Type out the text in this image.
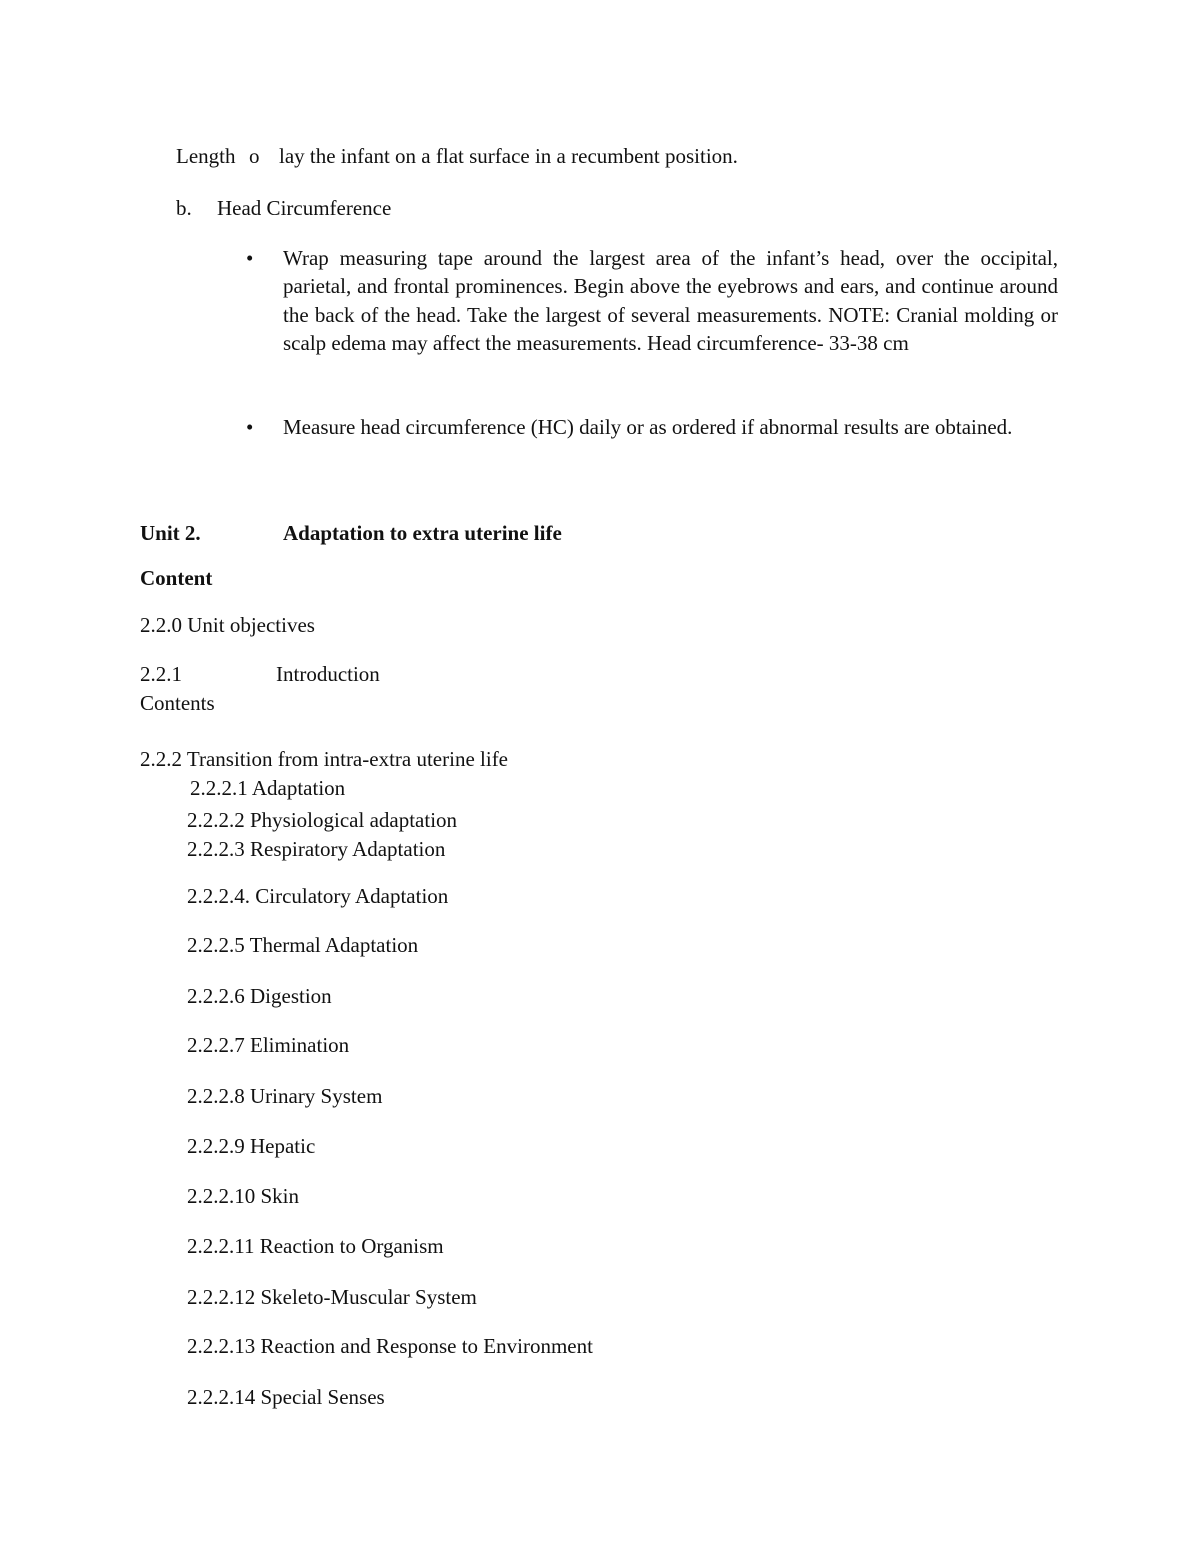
Length o lay the infant on a flat surface in a recumbent position.
b. Head Circumference
• Wrap measuring tape around the largest area of the infant’s head, over the occipital, parietal, and frontal prominences. Begin above the eyebrows and ears, and continue around the back of the head. Take the largest of several measurements. NOTE: Cranial molding or scalp edema may affect the measurements. Head circumference- 33-38 cm
• Measure head circumference (HC) daily or as ordered if abnormal results are obtained.
Unit 2.	Adaptation to extra uterine life
Content
2.2.0 Unit objectives
2.2.1	Introduction
Contents
2.2.2 Transition from intra-extra uterine life
2.2.2.1 Adaptation
2.2.2.2 Physiological adaptation
2.2.2.3 Respiratory Adaptation
2.2.2.4. Circulatory Adaptation
2.2.2.5 Thermal Adaptation
2.2.2.6 Digestion
2.2.2.7 Elimination
2.2.2.8 Urinary System
2.2.2.9 Hepatic
2.2.2.10 Skin
2.2.2.11 Reaction to Organism
2.2.2.12 Skeleto-Muscular System
2.2.2.13 Reaction and Response to Environment
2.2.2.14 Special Senses
